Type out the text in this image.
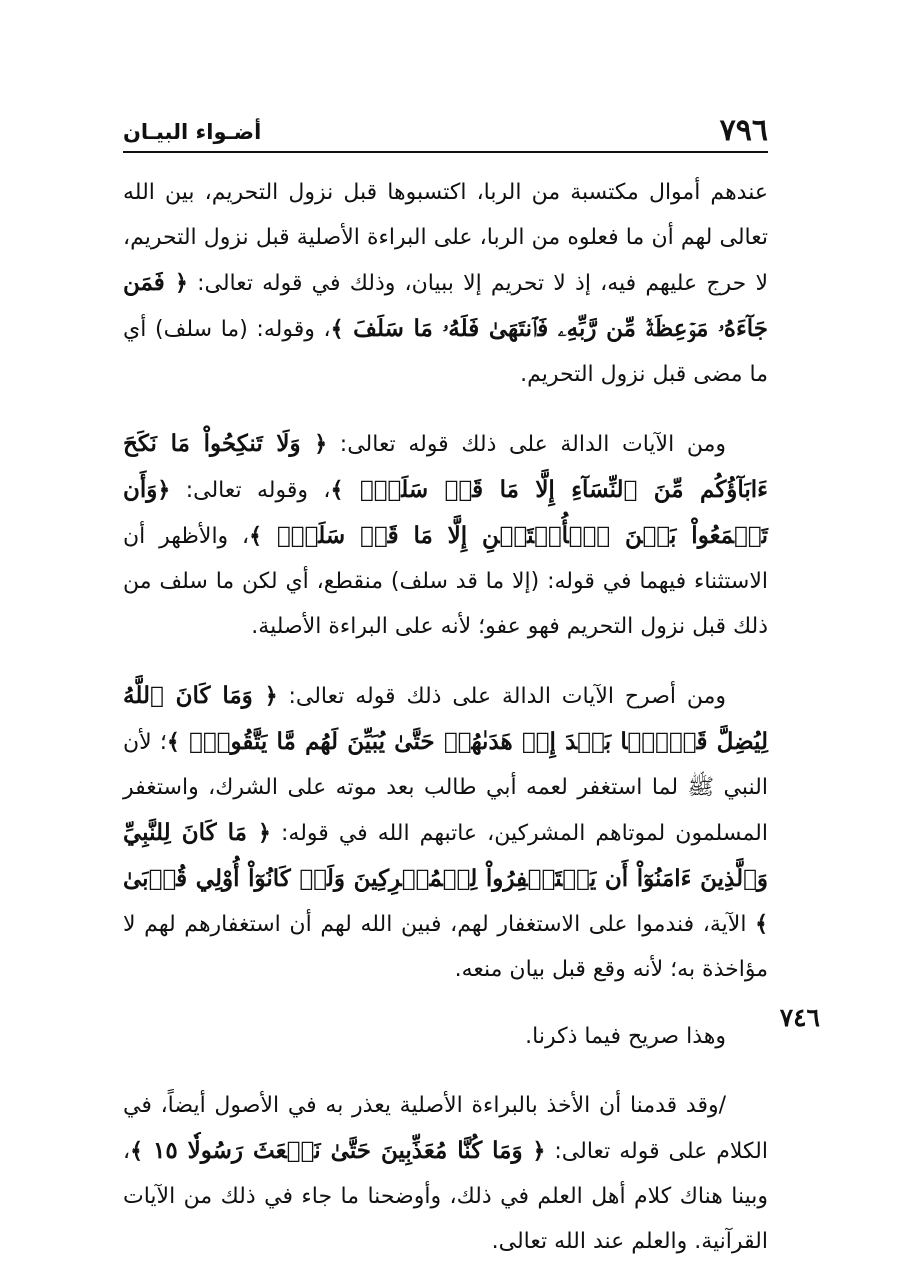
٧٩٦
أضـواء البيـان
٧٤٦

عندهم أموال مكتسبة من الربا، اكتسبوها قبل نزول التحريم، بين الله تعالى لهم أن ما فعلوه من الربا، على البراءة الأصلية قبل نزول التحريم، لا حرج عليهم فيه، إذ لا تحريم إلا ببيان، وذلك في قوله تعالى: ﴿ فَمَن جَآءَهُۥ مَوۡعِظَةٞ مِّن رَّبِّهِۦ فَٱنتَهَىٰ فَلَهُۥ مَا سَلَفَ ﴾، وقوله: (ما سلف) أي ما مضى قبل نزول التحريم.

ومن الآيات الدالة على ذلك قوله تعالى: ﴿ وَلَا تَنكِحُواْ مَا نَكَحَ ءَابَآؤُكُم مِّنَ ٱلنِّسَآءِ إِلَّا مَا قَدۡ سَلَفَۚ ﴾، وقوله تعالى: ﴿وَأَن تَجۡمَعُواْ بَيۡنَ ٱلۡأُخۡتَيۡنِ إِلَّا مَا قَدۡ سَلَفَۚ ﴾، والأظهر أن الاستثناء فيهما في قوله: (إلا ما قد سلف) منقطع، أي لكن ما سلف من ذلك قبل نزول التحريم فهو عفو؛ لأنه على البراءة الأصلية.

ومن أصرح الآيات الدالة على ذلك قوله تعالى: ﴿ وَمَا كَانَ ٱللَّهُ لِيُضِلَّ قَوۡمَۢا بَعۡدَ إِذۡ هَدَىٰهُمۡ حَتَّىٰ يُبَيِّنَ لَهُم مَّا يَتَّقُونَۚ ﴾؛ لأن النبي ﷺ لما استغفر لعمه أبي طالب بعد موته على الشرك، واستغفر المسلمون لموتاهم المشركين، عاتبهم الله في قوله: ﴿ مَا كَانَ لِلنَّبِيِّ وَٱلَّذِينَ ءَامَنُوٓاْ أَن يَسۡتَغۡفِرُواْ لِلۡمُشۡرِكِينَ وَلَوۡ كَانُوٓاْ أُوْلِي قُرۡبَىٰ ﴾ الآية، فندموا على الاستغفار لهم، فبين الله لهم أن استغفارهم لهم لا مؤاخذة به؛ لأنه وقع قبل بيان منعه.

وهذا صريح فيما ذكرنا.

/وقد قدمنا أن الأخذ بالبراءة الأصلية يعذر به في الأصول أيضاً، في الكلام على قوله تعالى: ﴿ وَمَا كُنَّا مُعَذِّبِينَ حَتَّىٰ نَبۡعَثَ رَسُولٗا ١٥ ﴾، وبينا هناك كلام أهل العلم في ذلك، وأوضحنا ما جاء في ذلك من الآيات القرآنية. والعلم عند الله تعالى.
